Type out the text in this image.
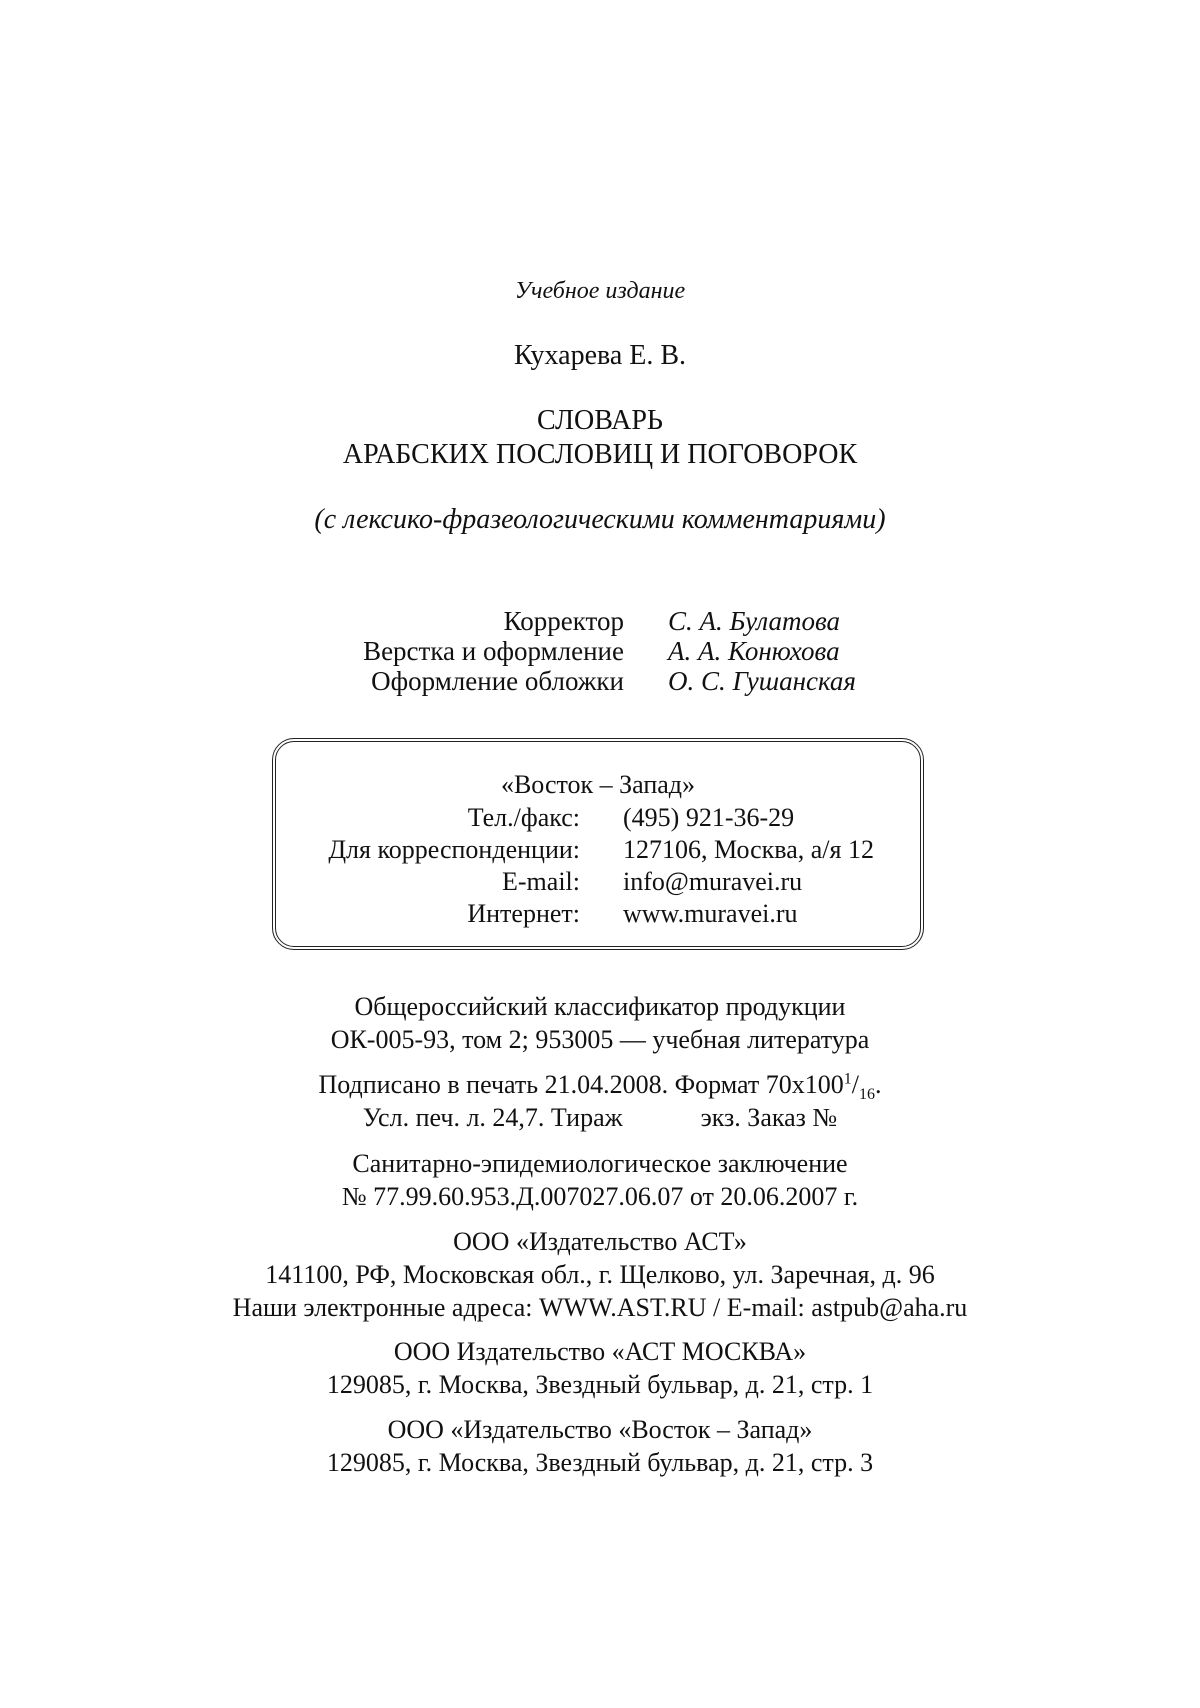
Учебное издание
Кухарева Е. В.
СЛОВАРЬ
АРАБСКИХ ПОСЛОВИЦ И ПОГОВОРОК
(с лексико-фразеологическими комментариями)
Корректор С. А. Булатова
Верстка и оформление А. А. Конюхова
Оформление обложки О. С. Гушанская
«Восток – Запад»
Тел./факс: (495) 921-36-29
Для корреспонденции: 127106, Москва, а/я 12
E-mail: info@muravei.ru
Интернет: www.muravei.ru
Общероссийский классификатор продукции
ОК-005-93, том 2; 953005 — учебная литература
Подписано в печать 21.04.2008. Формат $70х100^1/_{16}$.
Усл. печ. л. 24,7. Тираж            экз. Заказ №
Санитарно-эпидемиологическое заключение
№ 77.99.60.953.Д.007027.06.07 от 20.06.2007 г.
ООО «Издательство АСТ»
141100, РФ, Московская обл., г. Щелково, ул. Заречная, д. 96
Наши электронные адреса: WWW.AST.RU / E-mail: astpub@aha.ru
ООО Издательство «АСТ МОСКВА»
129085, г. Москва, Звездный бульвар, д. 21, стр. 1
ООО «Издательство «Восток – Запад»
129085, г. Москва, Звездный бульвар, д. 21, стр. 3
